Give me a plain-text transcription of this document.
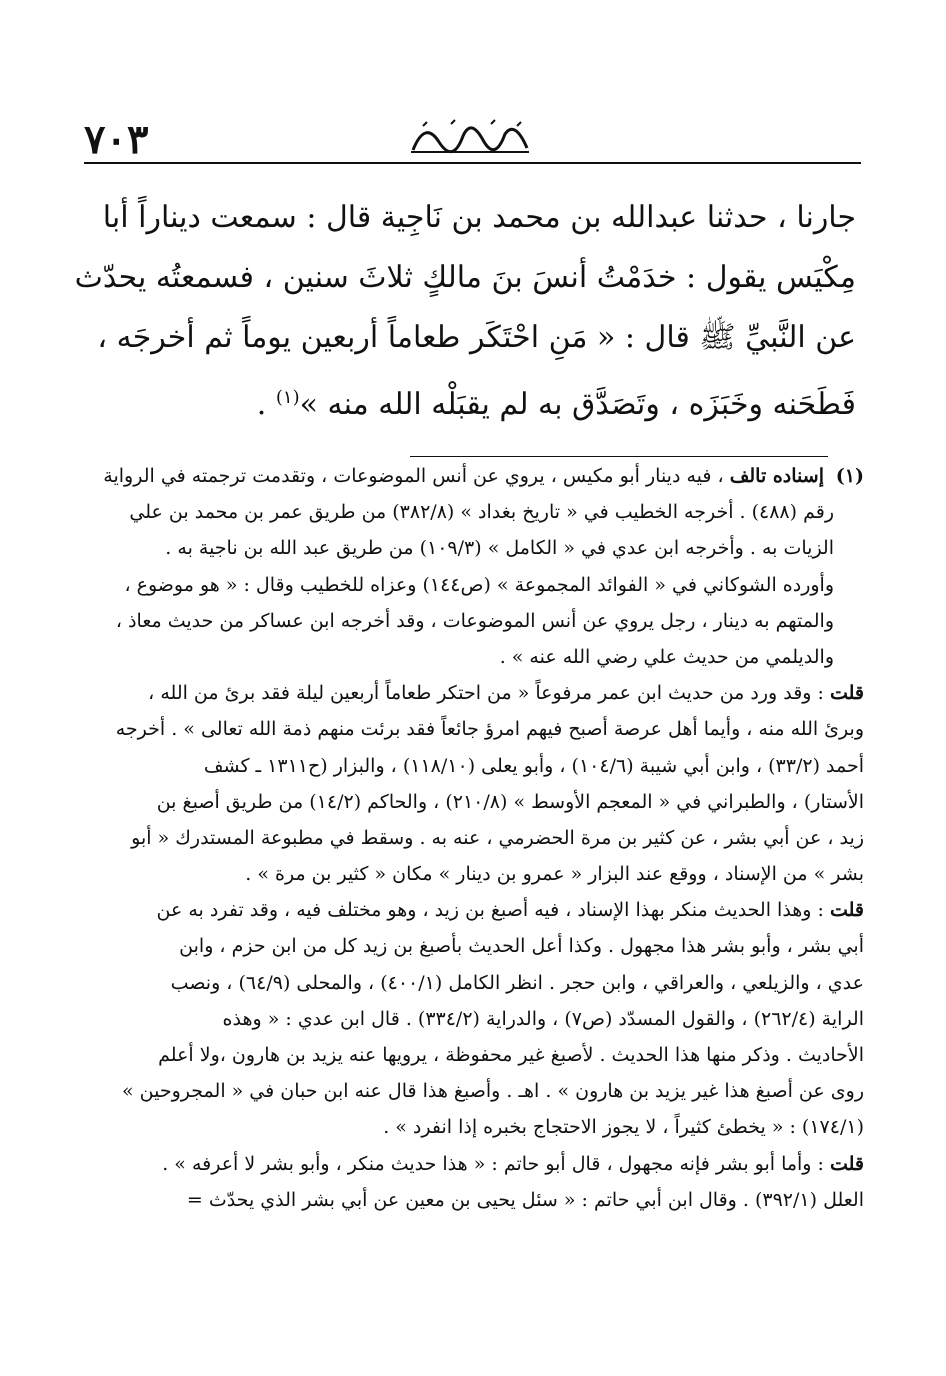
٧٠٣
جارنا ، حدثنا عبدالله بن محمد بن نَاجِية قال : سمعت ديناراً أبا
مِكْيَس يقول : خدَمْتُ أنسَ بنَ مالكٍ ثلاثَ سنين ، فسمعتُه يحدّث
عن النَّبيِّ ﷺ قال : « مَنِ احْتَكَر طعاماً أربعين يوماً ثم أخرجَه ،
فَطَحَنه وخَبَزَه ، وتَصَدَّق به لم يقبَلْه الله منه »$^{(١)}$ .
(١)إسناده تالف ، فيه دينار أبو مكيس ، يروي عن أنس الموضوعات ، وتقدمت ترجمته في الرواية
رقم (٤٨٨) . أخرجه الخطيب في « تاريخ بغداد » (٣٨٢/٨) من طريق عمر بن محمد بن علي
الزيات به . وأخرجه ابن عدي في « الكامل » (١٠٩/٣) من طريق عبد الله بن ناجية به .
وأورده الشوكاني في « الفوائد المجموعة » (ص١٤٤) وعزاه للخطيب وقال : « هو موضوع ،
والمتهم به دينار ، رجل يروي عن أنس الموضوعات ، وقد أخرجه ابن عساكر من حديث معاذ ،
والديلمي من حديث علي رضي الله عنه » .
قلت : وقد ورد من حديث ابن عمر مرفوعاً « من احتكر طعاماً أربعين ليلة فقد برئ من الله ،
وبرئ الله منه ، وأيما أهل عرصة أصبح فيهم امرؤ جائعاً فقد برئت منهم ذمة الله تعالى » . أخرجه
أحمد (٣٣/٢) ، وابن أبي شيبة (١٠٤/٦) ، وأبو يعلى (١١٨/١٠) ، والبزار (ح١٣١١ ـ كشف
الأستار) ، والطبراني في « المعجم الأوسط » (٢١٠/٨) ، والحاكم (١٤/٢) من طريق أصبغ بن
زيد ، عن أبي بشر ، عن كثير بن مرة الحضرمي ، عنه به . وسقط في مطبوعة المستدرك « أبو
بشر » من الإسناد ، ووقع عند البزار « عمرو بن دينار » مكان « كثير بن مرة » .
قلت : وهذا الحديث منكر بهذا الإسناد ، فيه أصبغ بن زيد ، وهو مختلف فيه ، وقد تفرد به عن
أبي بشر ، وأبو بشر هذا مجهول . وكذا أعل الحديث بأصبغ بن زيد كل من ابن حزم ، وابن
عدي ، والزيلعي ، والعراقي ، وابن حجر . انظر الكامل (٤٠٠/١) ، والمحلى (٦٤/٩) ، ونصب
الراية (٢٦٢/٤) ، والقول المسدّد (ص٧) ، والدراية (٣٣٤/٢) . قال ابن عدي : « وهذه
الأحاديث . وذكر منها هذا الحديث . لأصبغ غير محفوظة ، يرويها عنه يزيد بن هارون ،ولا أعلم
روى عن أصبغ هذا غير يزيد بن هارون » . اهـ . وأصبغ هذا قال عنه ابن حبان في « المجروحين »
(١٧٤/١) : « يخطئ كثيراً ، لا يجوز الاحتجاج بخبره إذا انفرد » .
قلت : وأما أبو بشر فإنه مجهول ، قال أبو حاتم : « هذا حديث منكر ، وأبو بشر لا أعرفه » .
العلل (٣٩٢/١) . وقال ابن أبي حاتم : « سئل يحيى بن معين عن أبي بشر الذي يحدّث =
